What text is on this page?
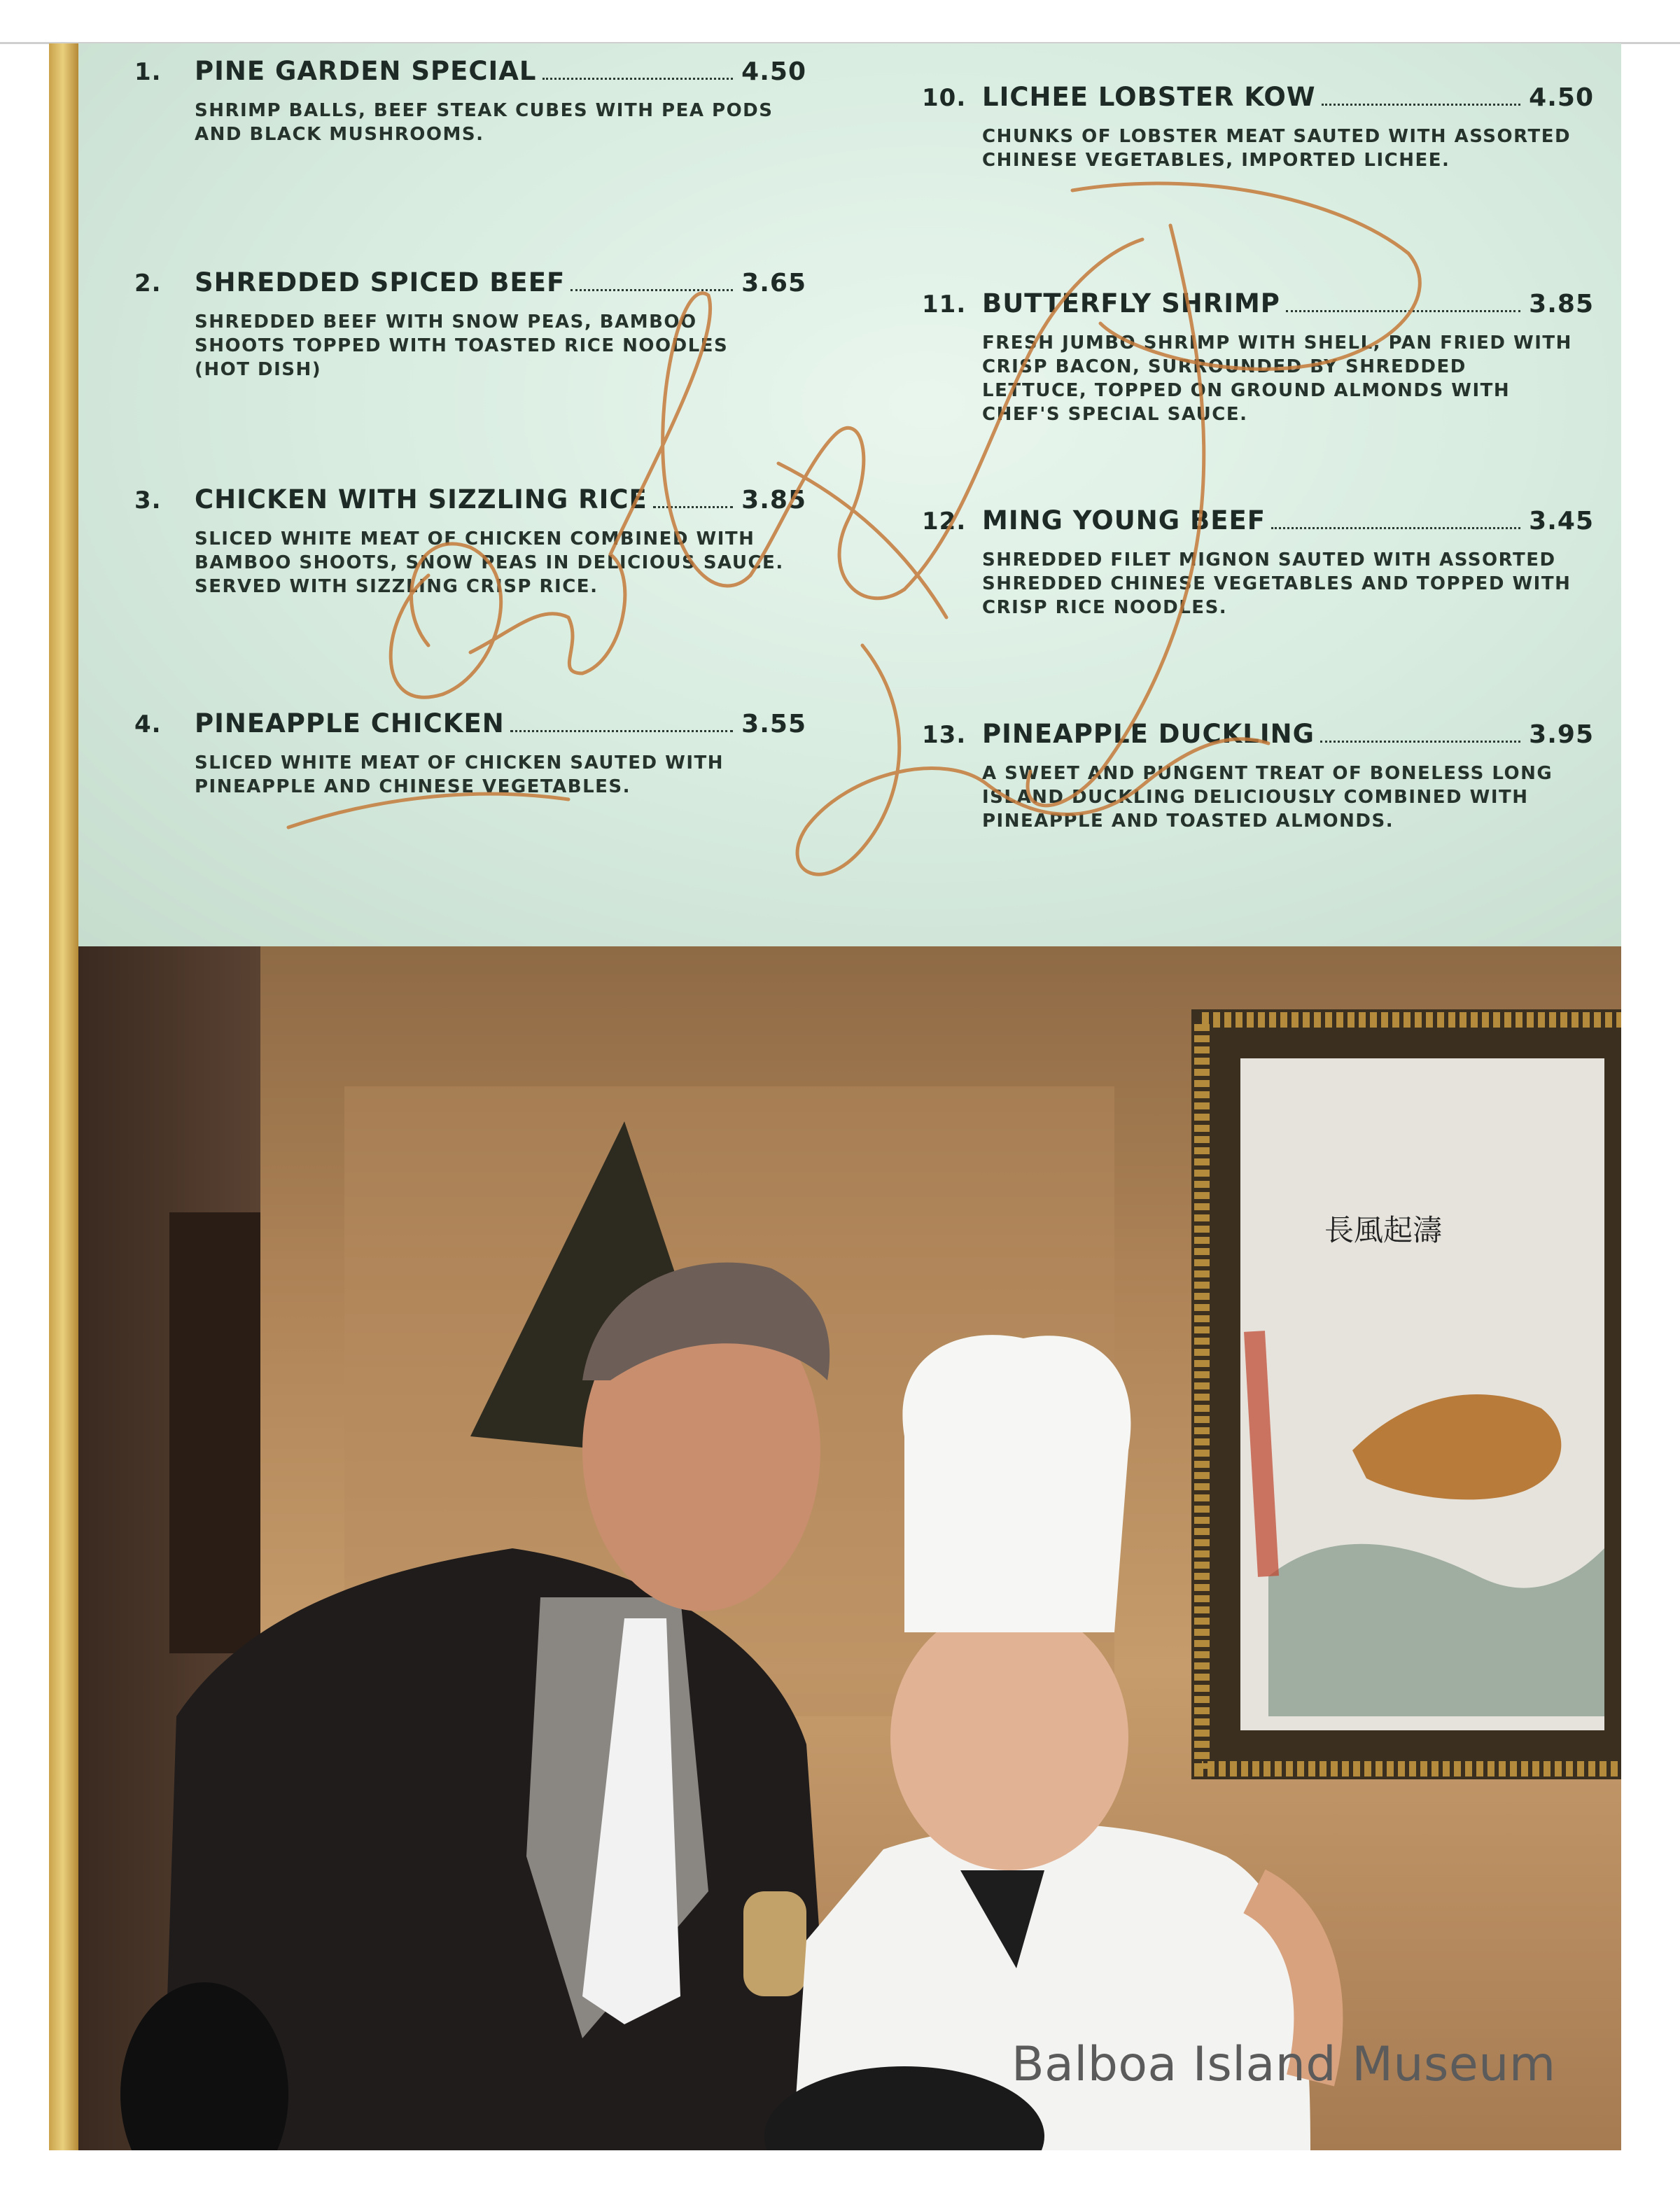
1.	PINE GARDEN SPECIAL	4.50
SHRIMP BALLS, BEEF STEAK CUBES WITH PEA PODS AND BLACK MUSHROOMS.
2.	SHREDDED SPICED BEEF	3.65
SHREDDED BEEF WITH SNOW PEAS, BAMBOO SHOOTS TOPPED WITH TOASTED RICE NOODLES (HOT DISH)
3.	CHICKEN WITH SIZZLING RICE	3.85
SLICED WHITE MEAT OF CHICKEN COMBINED WITH BAMBOO SHOOTS, SNOW PEAS IN DELICIOUS SAUCE. SERVED WITH SIZZLING CRISP RICE.
4.	PINEAPPLE CHICKEN	3.55
SLICED WHITE MEAT OF CHICKEN SAUTED WITH PINEAPPLE AND CHINESE VEGETABLES.
10. LICHEE LOBSTER KOW	4.50
CHUNKS OF LOBSTER MEAT SAUTED WITH ASSORTED CHINESE VEGETABLES, IMPORTED LICHEE.
11. BUTTERFLY SHRIMP	3.85
FRESH JUMBO SHRIMP WITH SHELL, PAN FRIED WITH CRISP BACON, SURROUNDED BY SHREDDED LETTUCE, TOPPED ON GROUND ALMONDS WITH CHEF'S SPECIAL SAUCE.
12. MING YOUNG BEEF	3.45
SHREDDED FILET MIGNON SAUTED WITH ASSORTED SHREDDED CHINESE VEGETABLES AND TOPPED WITH CRISP RICE NOODLES.
13. PINEAPPLE DUCKLING	3.95
A SWEET AND PUNGENT TREAT OF BONELESS LONG ISLAND DUCKLING DELICIOUSLY COMBINED WITH PINEAPPLE AND TOASTED ALMONDS.
長風起濤
Balboa Island Museum
